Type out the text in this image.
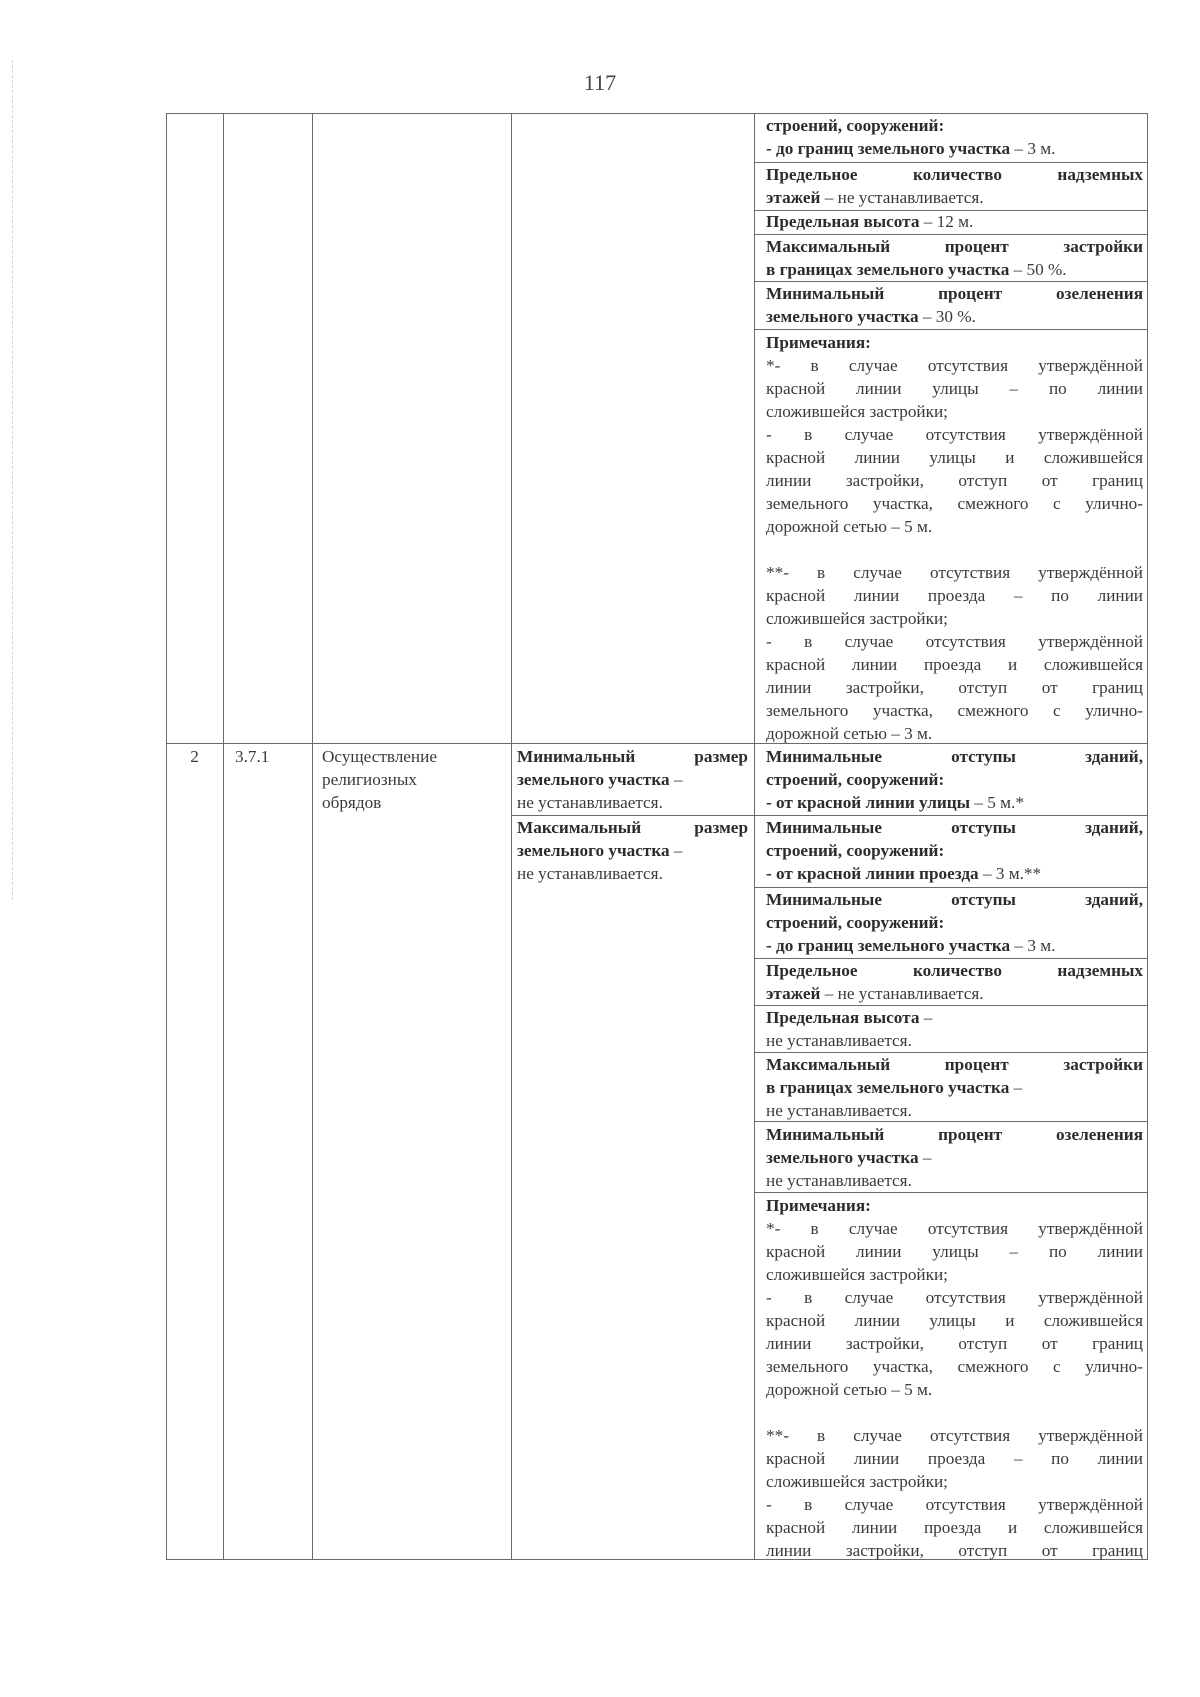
117
строений, сооружений:
- до границ земельного участка – 3 м.
Предельное количество надземных
этажей – не устанавливается.
Предельная высота – 12 м.
Максимальный процент застройки
в границах земельного участка – 50 %.
Минимальный процент озеленения
земельного участка – 30 %.
Примечания:
*- в случае отсутствия утверждённой
красной линии улицы – по линии
сложившейся застройки;
- в случае отсутствия утверждённой
красной линии улицы и сложившейся
линии застройки, отступ от границ
земельного участка, смежного с улично-
дорожной сетью – 5 м.
**- в случае отсутствия утверждённой
красной линии проезда – по линии
сложившейся застройки;
- в случае отсутствия утверждённой
красной линии проезда и сложившейся
линии застройки, отступ от границ
земельного участка, смежного с улично-
дорожной сетью – 3 м.
2	3.7.1	Осуществление
религиозных
обрядов
Минимальный размер
земельного участка –
не устанавливается.
Максимальный размер
земельного участка –
не устанавливается.
Минимальные отступы зданий,
строений, сооружений:
- от красной линии улицы – 5 м.*
Минимальные отступы зданий,
строений, сооружений:
- от красной линии проезда – 3 м.**
Минимальные отступы зданий,
строений, сооружений:
- до границ земельного участка – 3 м.
Предельное количество надземных
этажей – не устанавливается.
Предельная высота –
не устанавливается.
Максимальный процент застройки
в границах земельного участка –
не устанавливается.
Минимальный процент озеленения
земельного участка –
не устанавливается.
Примечания:
*- в случае отсутствия утверждённой
красной линии улицы – по линии
сложившейся застройки;
- в случае отсутствия утверждённой
красной линии улицы и сложившейся
линии застройки, отступ от границ
земельного участка, смежного с улично-
дорожной сетью – 5 м.
**- в случае отсутствия утверждённой
красной линии проезда – по линии
сложившейся застройки;
- в случае отсутствия утверждённой
красной линии проезда и сложившейся
линии застройки, отступ от границ
